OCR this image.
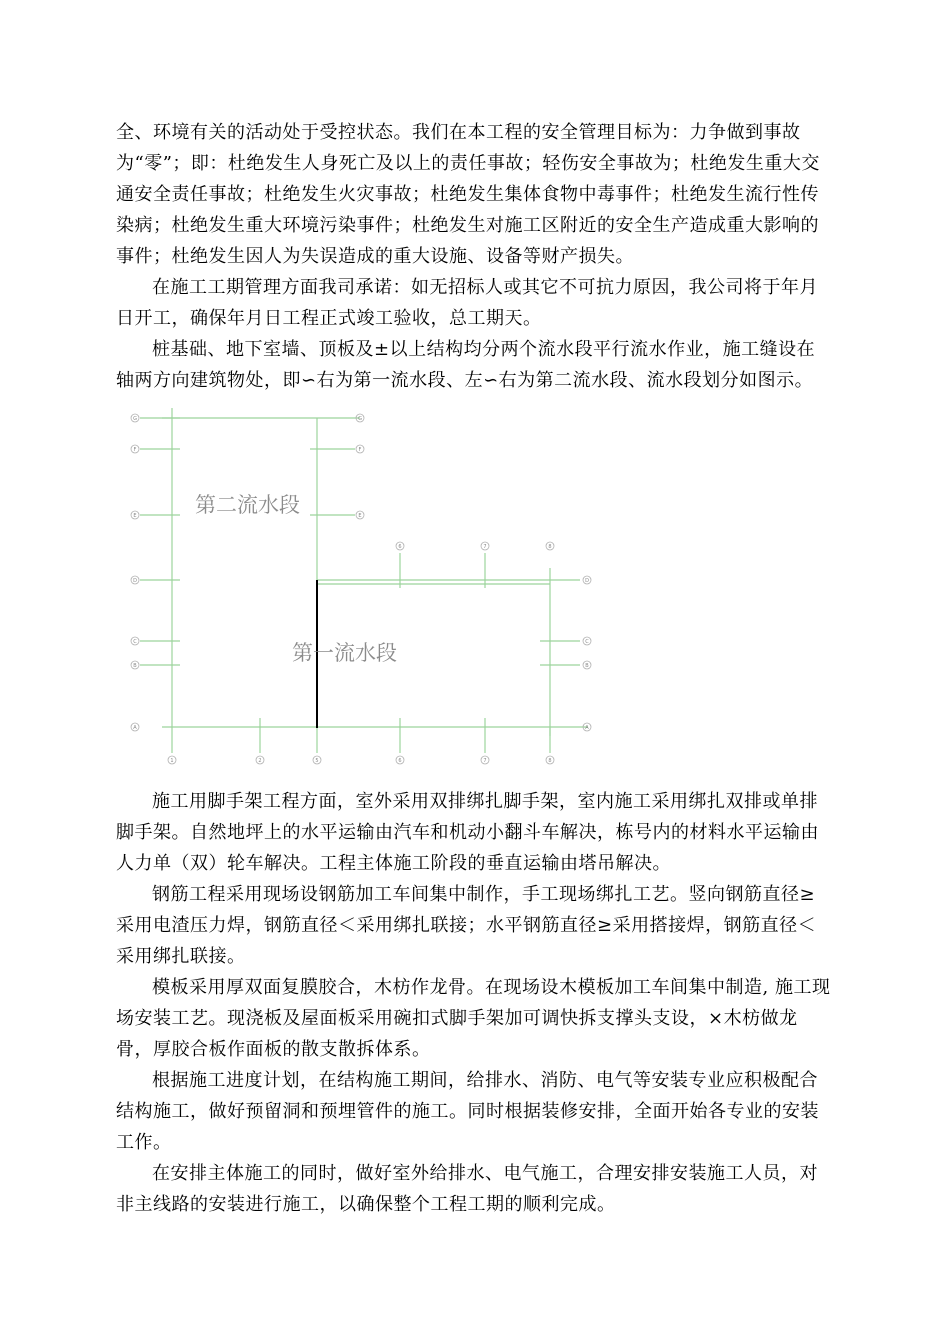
全、环境有关的活动处于受控状态。我们在本工程的安全管理目标为：力争做到事故为“零”；即：杜绝发生人身死亡及以上的责任事故；轻伤安全事故为；杜绝发生重大交通安全责任事故；杜绝发生火灾事故；杜绝发生集体食物中毒事件；杜绝发生流行性传染病；杜绝发生重大环境污染事件；杜绝发生对施工区附近的安全生产造成重大影响的事件；杜绝发生因人为失误造成的重大设施、设备等财产损失。

在施工工期管理方面我司承诺：如无招标人或其它不可抗力原因，我公司将于年月日开工，确保年月日工程正式竣工验收，总工期天。

桩基础、地下室墙、顶板及±以上结构均分两个流水段平行流水作业，施工缝设在轴两方向建筑物处，即∽右为第一流水段、左∽右为第二流水段、流水段划分如图示。

第二流水段
第一流水段
G
F
E
D
C
B
A
G
F
E
D
C
B
A
6	7	8
1	2	5	6	7	8

施工用脚手架工程方面，室外采用双排绑扎脚手架，室内施工采用绑扎双排或单排脚手架。自然地坪上的水平运输由汽车和机动小翻斗车解决，栋号内的材料水平运输由人力单（双）轮车解决。工程主体施工阶段的垂直运输由塔吊解决。

钢筋工程采用现场设钢筋加工车间集中制作，手工现场绑扎工艺。竖向钢筋直径≥采用电渣压力焊，钢筋直径＜采用绑扎联接；水平钢筋直径≥采用搭接焊，钢筋直径＜采用绑扎联接。

模板采用厚双面复膜胶合，木枋作龙骨。在现场设木模板加工车间集中制造, 施工现场安装工艺。现浇板及屋面板采用碗扣式脚手架加可调快拆支撑头支设，×木枋做龙骨，厚胶合板作面板的散支散拆体系。

根据施工进度计划，在结构施工期间，给排水、消防、电气等安装专业应积极配合结构施工，做好预留洞和预埋管件的施工。同时根据装修安排，全面开始各专业的安装工作。

在安排主体施工的同时，做好室外给排水、电气施工，合理安排安装施工人员，对非主线路的安装进行施工，以确保整个工程工期的顺利完成。
